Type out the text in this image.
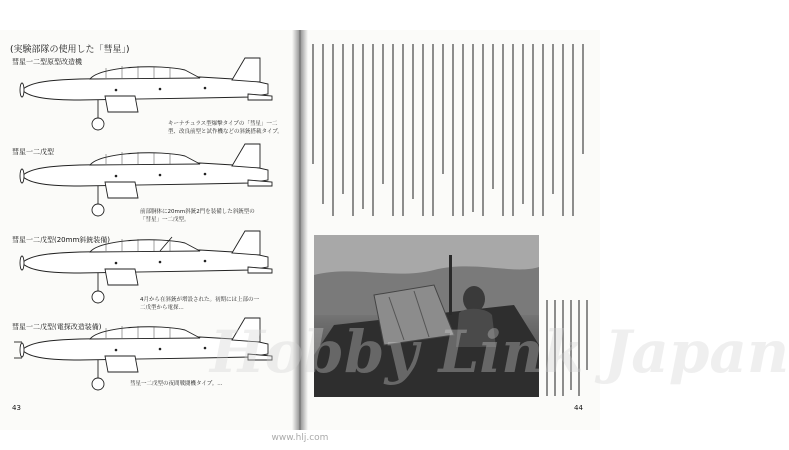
(実験部隊の使用した「彗星」)
彗星一二型原型改造機
彗星一二戊型
彗星一二戊型(20mm斜銃装備)
彗星一二戊型(電探改造装備)
キーナチュラス型爆撃タイプの「彗星」一二型、改良前型と試作機などの斜銃搭載タイプ。
前部胴体に20mm斜銃2門を装備した斜銃型の「彗星」一二戊型。
4月から在斜銃が増設された。初期には上部の一二戊型から電探...
彗星一二戊型の夜間戦闘機タイプ。...
43	44
Hobby Link Japan
www.hlj.com
